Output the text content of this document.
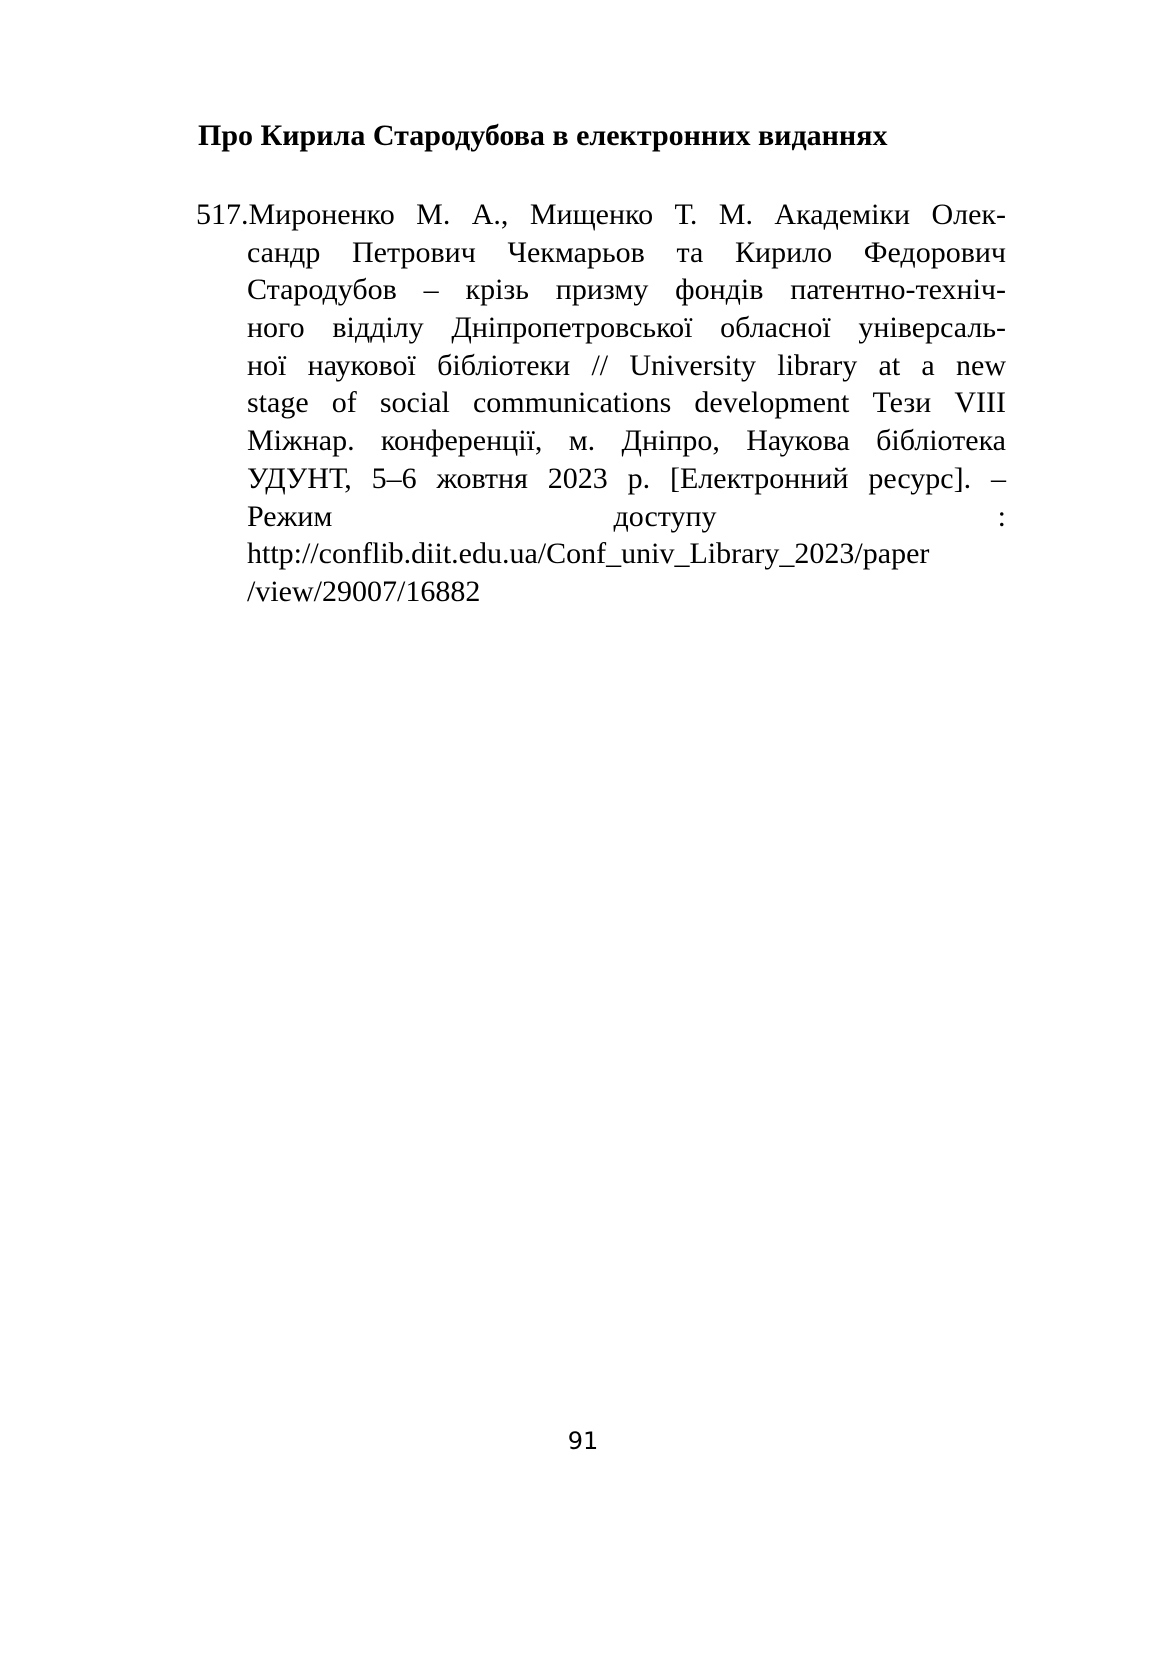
Про Кирила Стародубова в електронних виданнях
517.Мироненко М. А., Мищенко Т. М. Академіки Олек-
сандр Петрович Чекмарьов та Кирило Федорович
Стародубов – крізь призму фондів патентно-техніч-
ного відділу Дніпропетровської обласної універсаль-
ної наукової бібліотеки // University library at a new
stage of social communications development Тези VIII
Міжнар. конференції, м. Дніпро, Наукова бібліотека
УДУНТ, 5–6 жовтня 2023 р. [Електронний ресурс]. –
Режим	доступу	:
http://conflib.diit.edu.ua/Conf_univ_Library_2023/paper
/view/29007/16882
91
